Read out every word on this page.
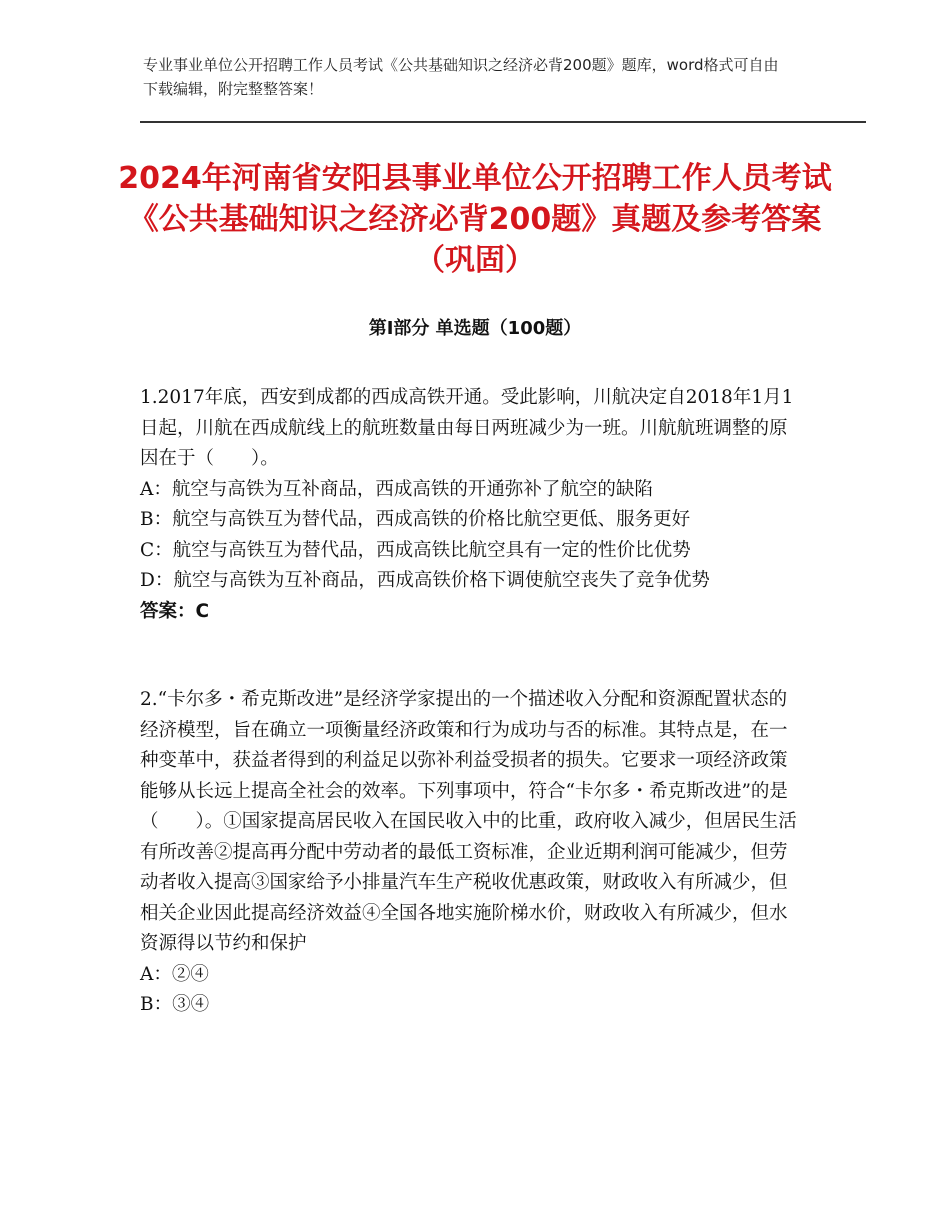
专业事业单位公开招聘工作人员考试《公共基础知识之经济必背200题》题库，word格式可自由下载编辑，附完整整答案！
2024年河南省安阳县事业单位公开招聘工作人员考试《公共基础知识之经济必背200题》真题及参考答案（巩固）
第Ⅰ部分 单选题（100题）

1.2017年底，西安到成都的西成高铁开通。受此影响，川航决定自2018年1月1日起，川航在西成航线上的航班数量由每日两班减少为一班。川航航班调整的原因在于（　　）。

A：航空与高铁为互补商品，西成高铁的开通弥补了航空的缺陷

B：航空与高铁互为替代品，西成高铁的价格比航空更低、服务更好

C：航空与高铁互为替代品，西成高铁比航空具有一定的性价比优势

D：航空与高铁为互补商品，西成高铁价格下调使航空丧失了竞争优势

答案：C

2.“卡尔多・希克斯改进”是经济学家提出的一个描述收入分配和资源配置状态的经济模型，旨在确立一项衡量经济政策和行为成功与否的标准。其特点是，在一种变革中，获益者得到的利益足以弥补利益受损者的损失。它要求一项经济政策能够从长远上提高全社会的效率。下列事项中，符合“卡尔多・希克斯改进”的是（　　）。①国家提高居民收入在国民收入中的比重，政府收入减少，但居民生活有所改善②提高再分配中劳动者的最低工资标准，企业近期利润可能减少，但劳动者收入提高③国家给予小排量汽车生产税收优惠政策，财政收入有所减少，但相关企业因此提高经济效益④全国各地实施阶梯水价，财政收入有所减少，但水资源得以节约和保护

A：②④

B：③④
